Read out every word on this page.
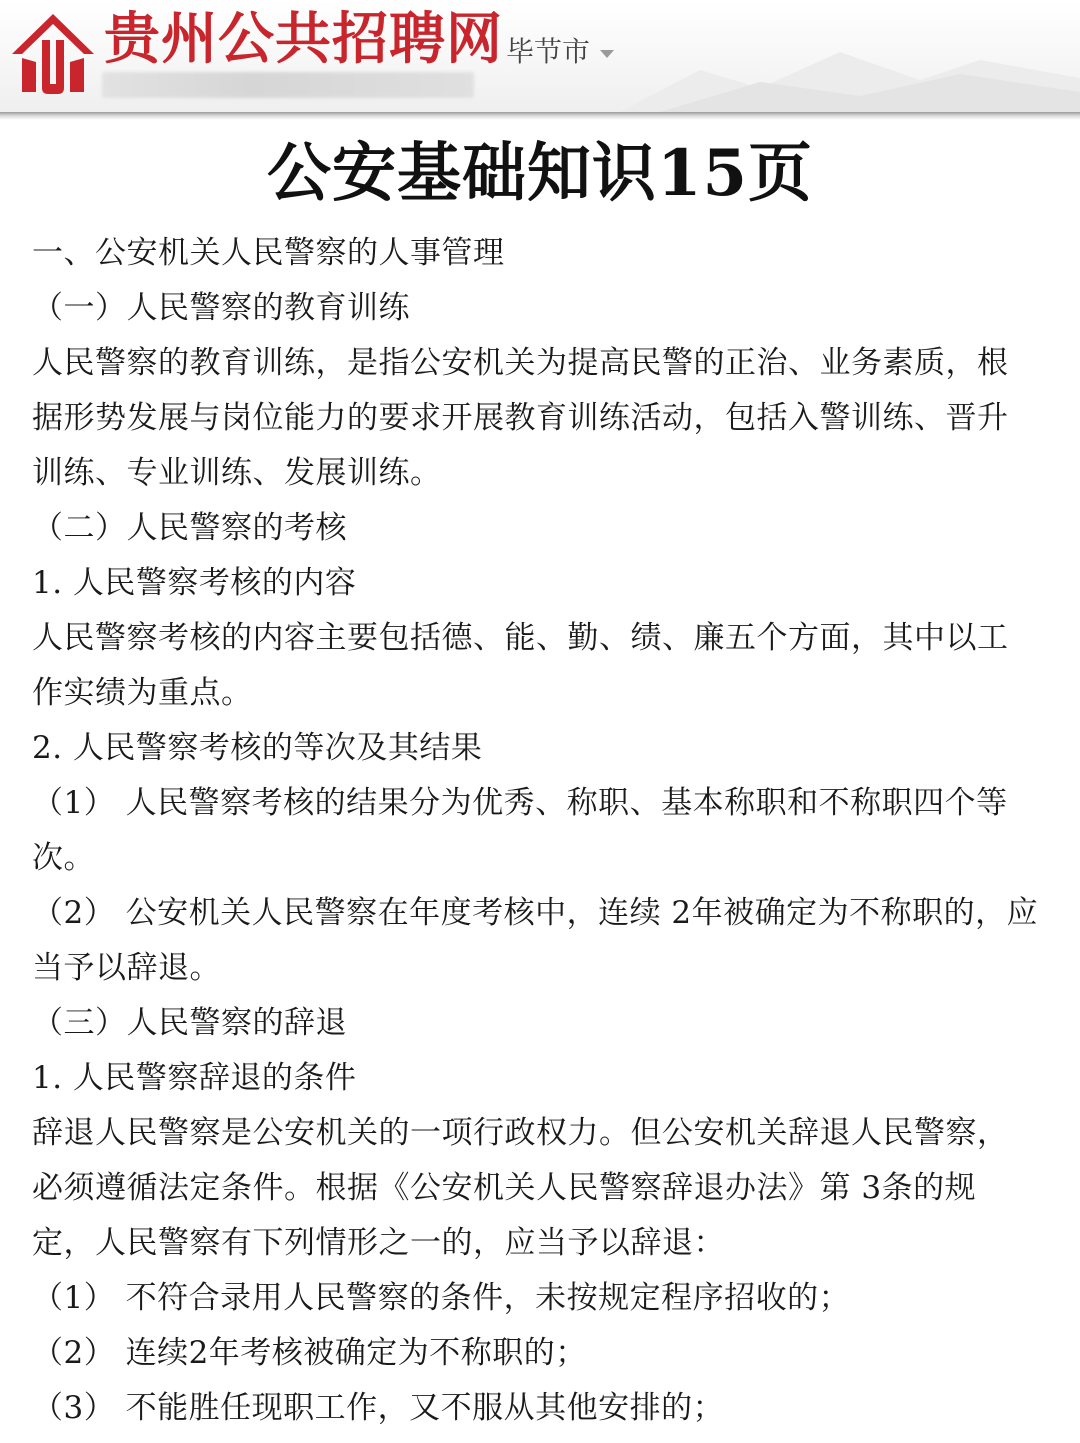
贵州公共招聘网 毕节市
公安基础知识15页
一、公安机关人民警察的人事管理
（一）人民警察的教育训练
人民警察的教育训练，是指公安机关为提高民警的正治、业务素质，根
据形势发展与岗位能力的要求开展教育训练活动，包括入警训练、晋升
训练、专业训练、发展训练。
（二）人民警察的考核
1. 人民警察考核的内容
人民警察考核的内容主要包括德、能、勤、绩、廉五个方面，其中以工
作实绩为重点。
2. 人民警察考核的等次及其结果
（1） 人民警察考核的结果分为优秀、称职、基本称职和不称职四个等
次。
（2） 公安机关人民警察在年度考核中，连续 2年被确定为不称职的，应
当予以辞退。
（三）人民警察的辞退
1. 人民警察辞退的条件
辞退人民警察是公安机关的一项行政权力。但公安机关辞退人民警察，
必须遵循法定条件。根据《公安机关人民警察辞退办法》第 3条的规
定，人民警察有下列情形之一的，应当予以辞退：
（1） 不符合录用人民警察的条件，未按规定程序招收的；
（2） 连续2年考核被确定为不称职的；
（3） 不能胜任现职工作，又不服从其他安排的；
